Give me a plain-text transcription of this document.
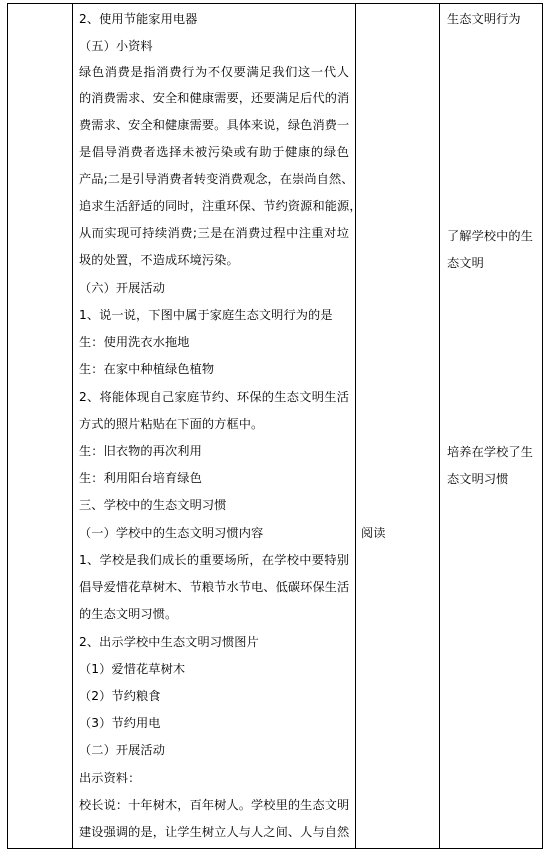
2、使用节能家用电器
（五）小资料
绿色消费是指消费行为不仅要满足我们这一代人
的消费需求、安全和健康需要，还要满足后代的消
费需求、安全和健康需要。具体来说，绿色消费一
是倡导消费者选择未被污染或有助于健康的绿色
产品;二是引导消费者转变消费观念，在崇尚自然、
追求生活舒适的同时，注重环保、节约资源和能源，
从而实现可持续消费;三是在消费过程中注重对垃
圾的处置，不造成环境污染。
（六）开展活动
1、说一说，下图中属于家庭生态文明行为的是
生：使用洗衣水拖地
生：在家中种植绿色植物
2、将能体现自己家庭节约、环保的生态文明生活
方式的照片粘贴在下面的方框中。
生：旧衣物的再次利用
生：利用阳台培育绿色
三、学校中的生态文明习惯
（一）学校中的生态文明习惯内容
1、学校是我们成长的重要场所，在学校中要特别
倡导爱惜花草树木、节粮节水节电、低碳环保生活
的生态文明习惯。
2、出示学校中生态文明习惯图片
（1）爱惜花草树木
（2）节约粮食
（3）节约用电
（二）开展活动
出示资料：
校长说：十年树木，百年树人。学校里的生态文明
建设强调的是，让学生树立人与人之间、人与自然
阅读
生态文明行为
了解学校中的生
态文明
培养在学校了生
态文明习惯
